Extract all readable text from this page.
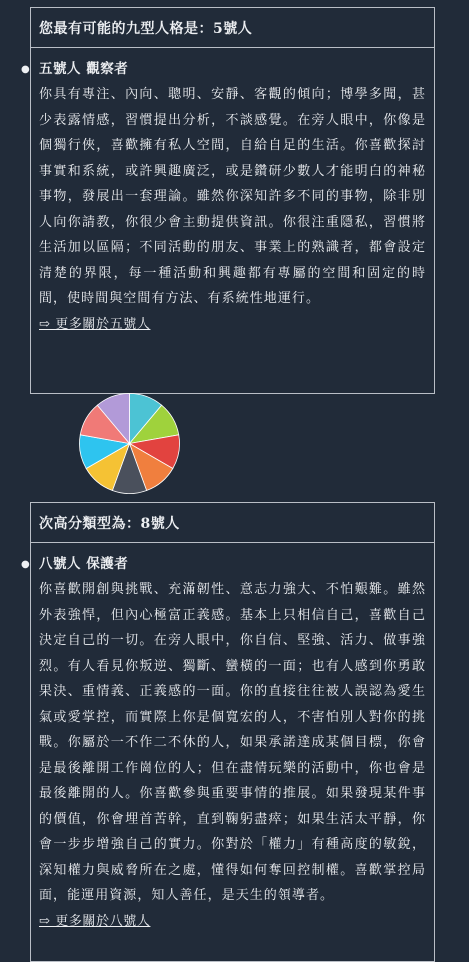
您最有可能的九型人格是：5號人
● 五號人 觀察者

你具有專注、內向、聰明、安靜、客觀的傾向；博學多聞，甚少表露情感，習慣提出分析，不談感覺。在旁人眼中，你像是個獨行俠，喜歡擁有私人空間，自給自足的生活。你喜歡探討事實和系統，或許興趣廣泛，或是鑽研少數人才能明白的神秘事物，發展出一套理論。雖然你深知許多不同的事物，除非別人向你請教，你很少會主動提供資訊。你很注重隱私，習慣將生活加以區隔；不同活動的朋友、事業上的熟識者，都會設定清楚的界限，每一種活動和興趣都有專屬的空間和固定的時間，使時間與空間有方法、有系統性地運行。

⇨ 更多關於五號人
次高分類型為：8號人
● 八號人 保護者

你喜歡開創與挑戰、充滿韌性、意志力強大、不怕艱難。雖然外表強悍，但內心極富正義感。基本上只相信自己，喜歡自己決定自己的一切。在旁人眼中，你自信、堅強、活力、做事強烈。有人看見你叛逆、獨斷、蠻橫的一面；也有人感到你勇敢果決、重情義、正義感的一面。你的直接往往被人誤認為愛生氣或愛掌控，而實際上你是個寬宏的人，不害怕別人對你的挑戰。你屬於一不作二不休的人，如果承諾達成某個目標，你會是最後離開工作崗位的人；但在盡情玩樂的活動中，你也會是最後離開的人。你喜歡參與重要事情的推展。如果發現某件事的價值，你會埋首苦幹，直到鞠躬盡瘁；如果生活太平靜，你會一步步增強自己的實力。你對於「權力」有種高度的敏銳，深知權力與威脅所在之處，懂得如何奪回控制權。喜歡掌控局面，能運用資源，知人善任，是天生的領導者。

⇨ 更多關於八號人
